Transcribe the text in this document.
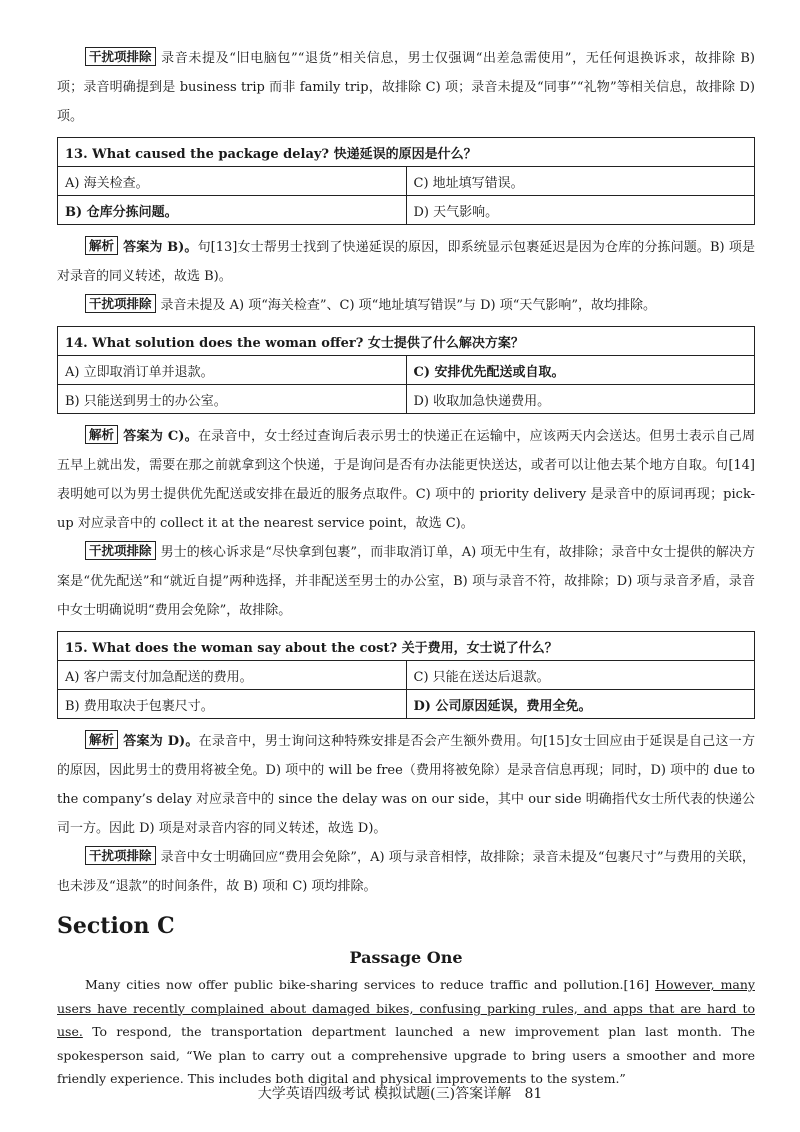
干扰项排除 录音未提及“旧电脑包”“退货”相关信息，男士仅强调“出差急需使用”，无任何退换诉求，故排除 B) 项；录音明确提到是 business trip 而非 family trip，故排除 C) 项；录音未提及“同事”“礼物”等相关信息，故排除 D) 项。

13. What caused the package delay? 快递延误的原因是什么？	
A) 海关检查。	C) 地址填写错误。
B) 仓库分拣问题。	D) 天气影响。

解析 答案为 B)。句[13]女士帮男士找到了快递延误的原因，即系统显示包裹延迟是因为仓库的分拣问题。B) 项是对录音的同义转述，故选 B)。

干扰项排除 录音未提及 A) 项“海关检查”、C) 项“地址填写错误”与 D) 项“天气影响”，故均排除。

14. What solution does the woman offer? 女士提供了什么解决方案？	
A) 立即取消订单并退款。	C) 安排优先配送或自取。
B) 只能送到男士的办公室。	D) 收取加急快递费用。

解析 答案为 C)。在录音中，女士经过查询后表示男士的快递正在运输中，应该两天内会送达。但男士表示自己周五早上就出发，需要在那之前就拿到这个快递，于是询问是否有办法能更快送达，或者可以让他去某个地方自取。句[14]表明她可以为男士提供优先配送或安排在最近的服务点取件。C) 项中的 priority delivery 是录音中的原词再现；pick-up 对应录音中的 collect it at the nearest service point，故选 C)。

干扰项排除 男士的核心诉求是“尽快拿到包裹”，而非取消订单，A) 项无中生有，故排除；录音中女士提供的解决方案是“优先配送”和“就近自提”两种选择，并非配送至男士的办公室，B) 项与录音不符，故排除；D) 项与录音矛盾，录音中女士明确说明“费用会免除”，故排除。

15. What does the woman say about the cost? 关于费用，女士说了什么？	
A) 客户需支付加急配送的费用。	C) 只能在送达后退款。
B) 费用取决于包裹尺寸。	D) 公司原因延误，费用全免。

解析 答案为 D)。在录音中，男士询问这种特殊安排是否会产生额外费用。句[15]女士回应由于延误是自己这一方的原因，因此男士的费用将被全免。D) 项中的 will be free（费用将被免除）是录音信息再现；同时，D) 项中的 due to the company’s delay 对应录音中的 since the delay was on our side，其中 our side 明确指代女士所代表的快递公司一方。因此 D) 项是对录音内容的同义转述，故选 D)。

干扰项排除 录音中女士明确回应“费用会免除”，A) 项与录音相悖，故排除；录音未提及“包裹尺寸”与费用的关联，也未涉及“退款”的时间条件，故 B) 项和 C) 项均排除。

Section C
Passage One

Many cities now offer public bike-sharing services to reduce traffic and pollution.[16] However, many users have recently complained about damaged bikes, confusing parking rules, and apps that are hard to use. To respond, the transportation department launched a new improvement plan last month. The spokesperson said, “We plan to carry out a comprehensive upgrade to bring users a smoother and more friendly experience. This includes both digital and physical improvements to the system.”

大学英语四级考试 模拟试题(三)答案详解 81
